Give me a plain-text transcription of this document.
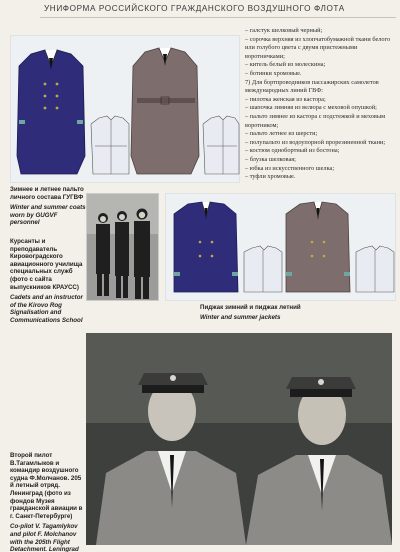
УНИФОРМА РОССИЙСКОГО ГРАЖДАНСКОГО ВОЗДУШНОГО ФЛОТА

– галстук шелковый черный;

– сорочка верхняя из хлопчатобумажной ткани белого или голубого цвета с двумя пристежными воротничками;

– китель белый из молескина;

– ботинки хромовые.

7) Для бортпроводников пассажирских самолетов международных линий ГВФ:

– пилотка женская из кастора;

– шапочка зимняя из велюра с меховой опушкой;

– пальто зимнее из кастора с подстежкой и меховым воротником;

– пальто летнее из шерсти;

– полупальто из водоупорной прорезиненной ткани;

– костюм однобортный из бостона;

– блузка шелковая;

– юбка из искусственного шелка;

– туфли хромовые.

Зимнее и летнее пальто личного состава ГУГВФ
Winter and summer coats worn by GUGVF personnel
Курсанты и преподаватель Кировоградского авиационного училища специальных служб (фото с сайта выпускников КРАУСС)
Cadets and an instructor of the Kirovo Rog Signalisation and Communications School
Пиджак зимний и пиджак летний
Winter and summer jackets
Второй пилот В.Тагамлыков и командир воздушного судна Ф.Молчанов. 205 й летный отряд. Ленинград (фото из фондов Музея гражданской авиации в г. Санкт-Петербурге)
Co-pilot V. Tagamlykov and pilot F. Molchanov with the 205th Flight Detachment. Leningrad
